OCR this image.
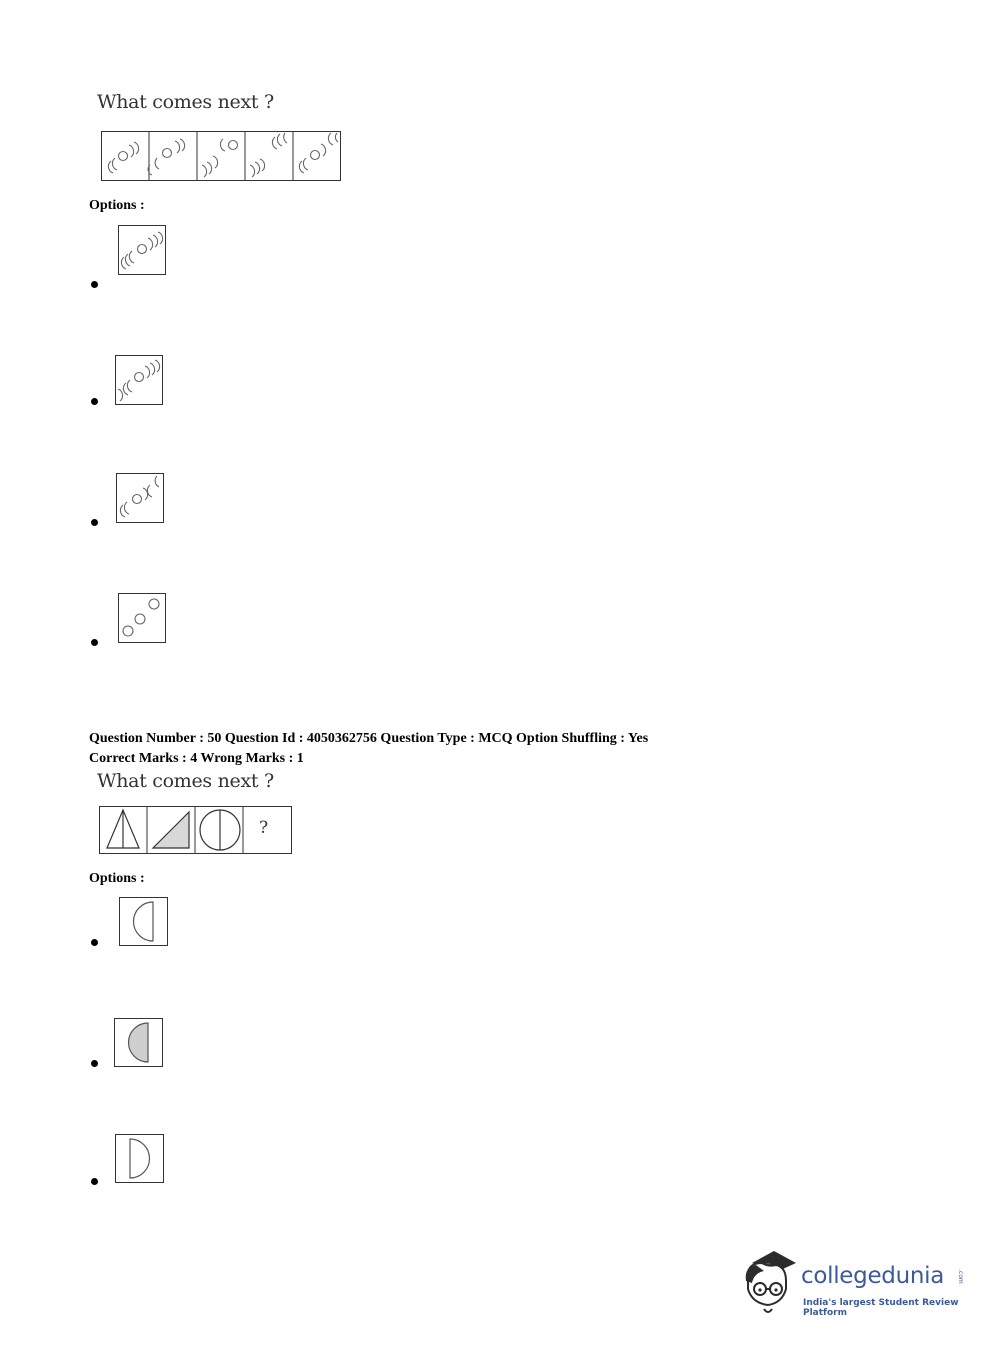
What comes next ?
Options :
Question Number : 50 Question Id : 4050362756 Question Type : MCQ Option Shuffling : Yes
Correct Marks : 4 Wrong Marks : 1
What comes next ?
?
Options :
collegedunia .com
India's largest Student Review Platform
